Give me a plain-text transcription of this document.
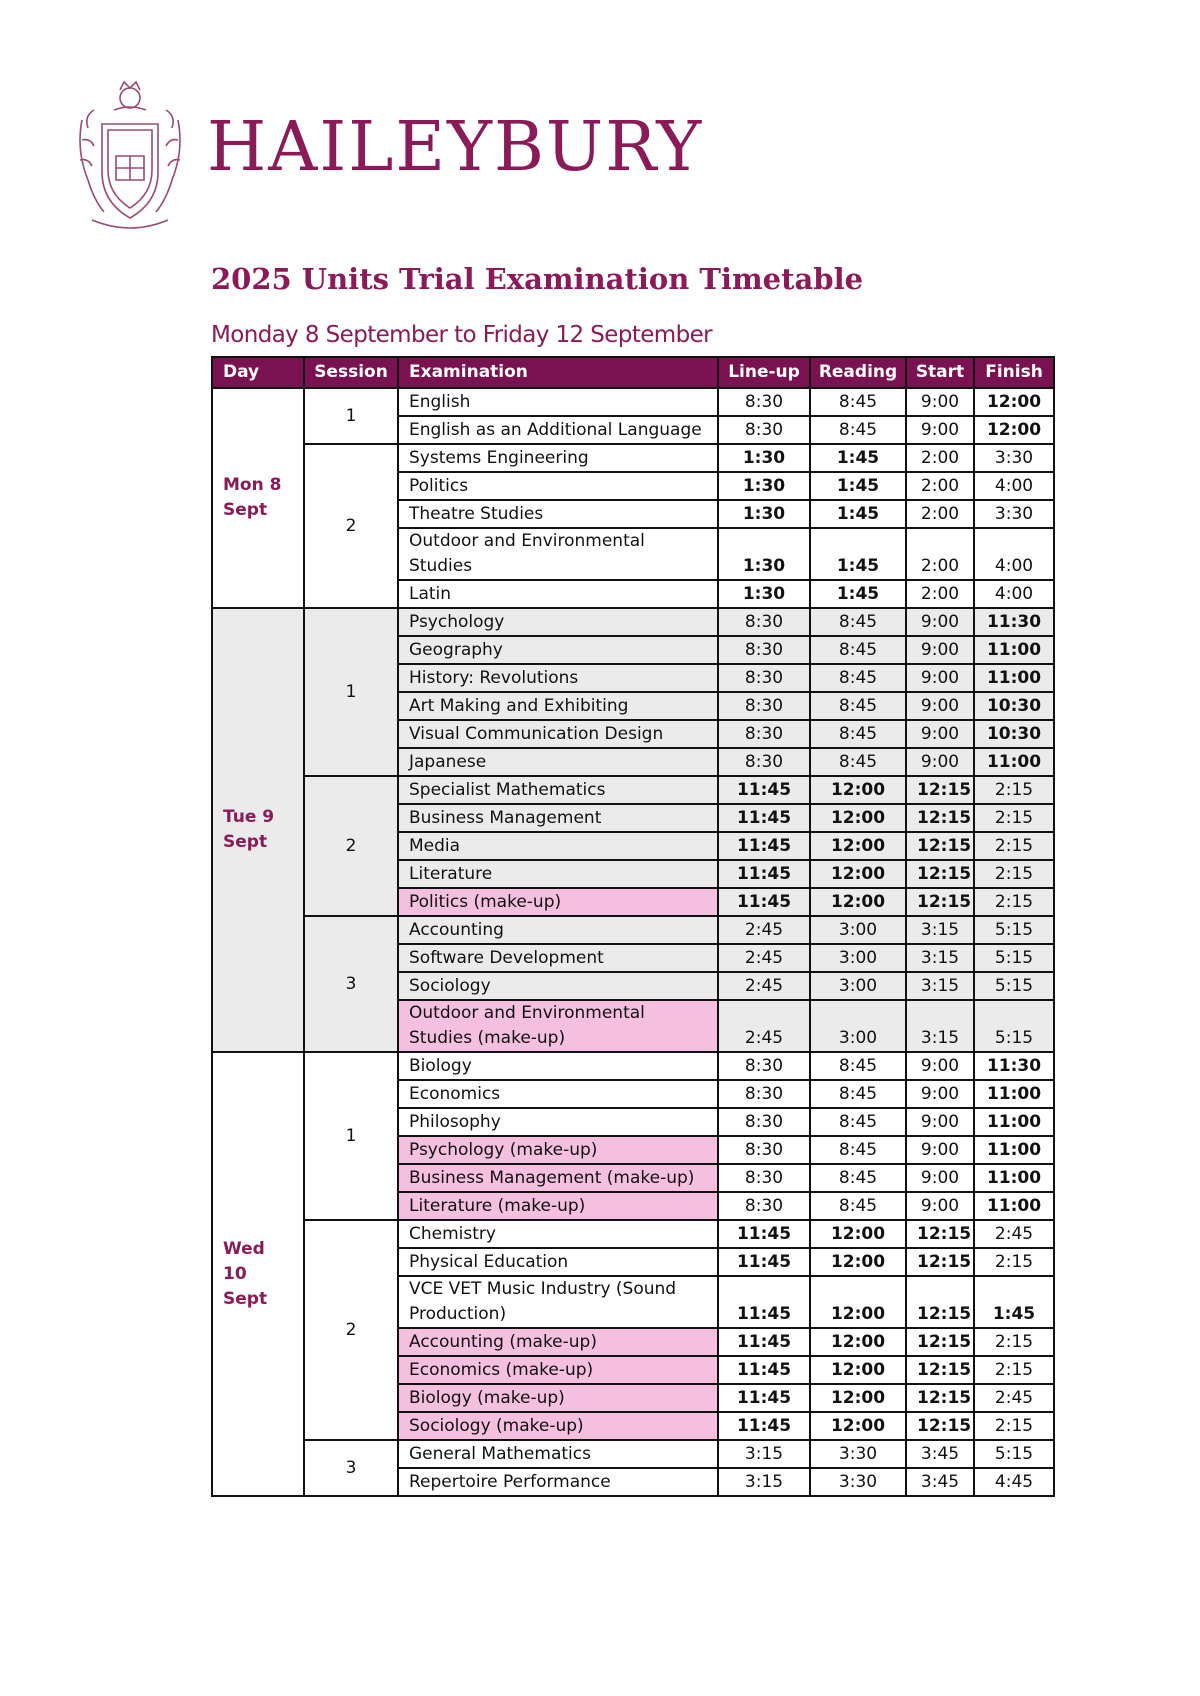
HAILEYBURY
2025 Units Trial Examination Timetable
Monday 8 September to Friday 12 September
Day	Session	Examination	Line-up	Reading	Start	Finish
Mon 8
Sept	1	English	8:30	8:45	9:00	12:00
		English as an Additional Language	8:30	8:45	9:00	12:00
	2	Systems Engineering	1:30	1:45	2:00	3:30
		Politics	1:30	1:45	2:00	4:00
		Theatre Studies	1:30	1:45	2:00	3:30
		Outdoor and Environmental Studies	1:30	1:45	2:00	4:00
		Latin	1:30	1:45	2:00	4:00
Tue 9
Sept	1	Psychology	8:30	8:45	9:00	11:30
		Geography	8:30	8:45	9:00	11:00
		History: Revolutions	8:30	8:45	9:00	11:00
		Art Making and Exhibiting	8:30	8:45	9:00	10:30
		Visual Communication Design	8:30	8:45	9:00	10:30
		Japanese	8:30	8:45	9:00	11:00
	2	Specialist Mathematics	11:45	12:00	12:15	2:15
		Business Management	11:45	12:00	12:15	2:15
		Media	11:45	12:00	12:15	2:15
		Literature	11:45	12:00	12:15	2:15
		Politics (make-up)	11:45	12:00	12:15	2:15
	3	Accounting	2:45	3:00	3:15	5:15
		Software Development	2:45	3:00	3:15	5:15
		Sociology	2:45	3:00	3:15	5:15
		Outdoor and Environmental Studies (make-up)	2:45	3:00	3:15	5:15
Wed 10
Sept	1	Biology	8:30	8:45	9:00	11:30
		Economics	8:30	8:45	9:00	11:00
		Philosophy	8:30	8:45	9:00	11:00
		Psychology (make-up)	8:30	8:45	9:00	11:00
		Business Management (make-up)	8:30	8:45	9:00	11:00
		Literature (make-up)	8:30	8:45	9:00	11:00
	2	Chemistry	11:45	12:00	12:15	2:45
		Physical Education	11:45	12:00	12:15	2:15
		VCE VET Music Industry (Sound Production)	11:45	12:00	12:15	1:45
		Accounting (make-up)	11:45	12:00	12:15	2:15
		Economics (make-up)	11:45	12:00	12:15	2:15
		Biology (make-up)	11:45	12:00	12:15	2:45
		Sociology (make-up)	11:45	12:00	12:15	2:15
	3	General Mathematics	3:15	3:30	3:45	5:15
		Repertoire Performance	3:15	3:30	3:45	4:45
